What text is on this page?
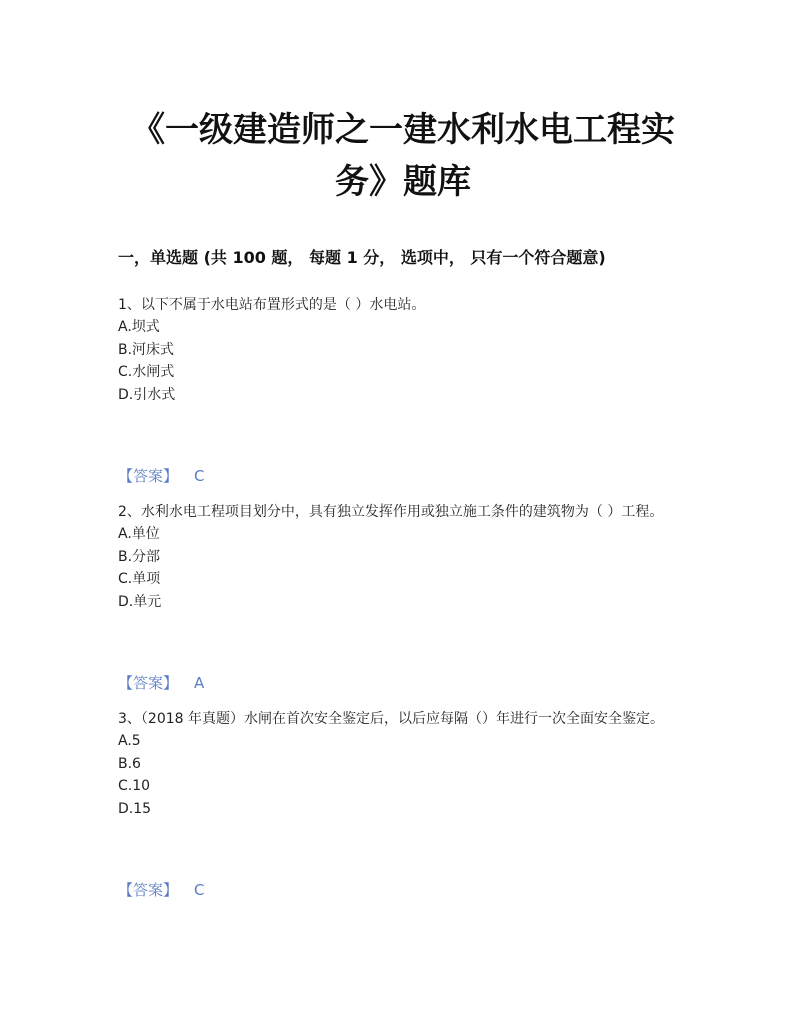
《一级建造师之一建水利水电工程实务》题库
一，单选题 (共 100 题， 每题 1 分， 选项中， 只有一个符合题意)
1、以下不属于水电站布置形式的是（ ）水电站。
A.坝式
B.河床式
C.水闸式
D.引水式
【答案】 C
2、水利水电工程项目划分中，具有独立发挥作用或独立施工条件的建筑物为（ ）工程。
A.单位
B.分部
C.单项
D.单元
【答案】 A
3、（2018 年真题）水闸在首次安全鉴定后，以后应每隔（）年进行一次全面安全鉴定。
A.5
B.6
C.10
D.15
【答案】 C
